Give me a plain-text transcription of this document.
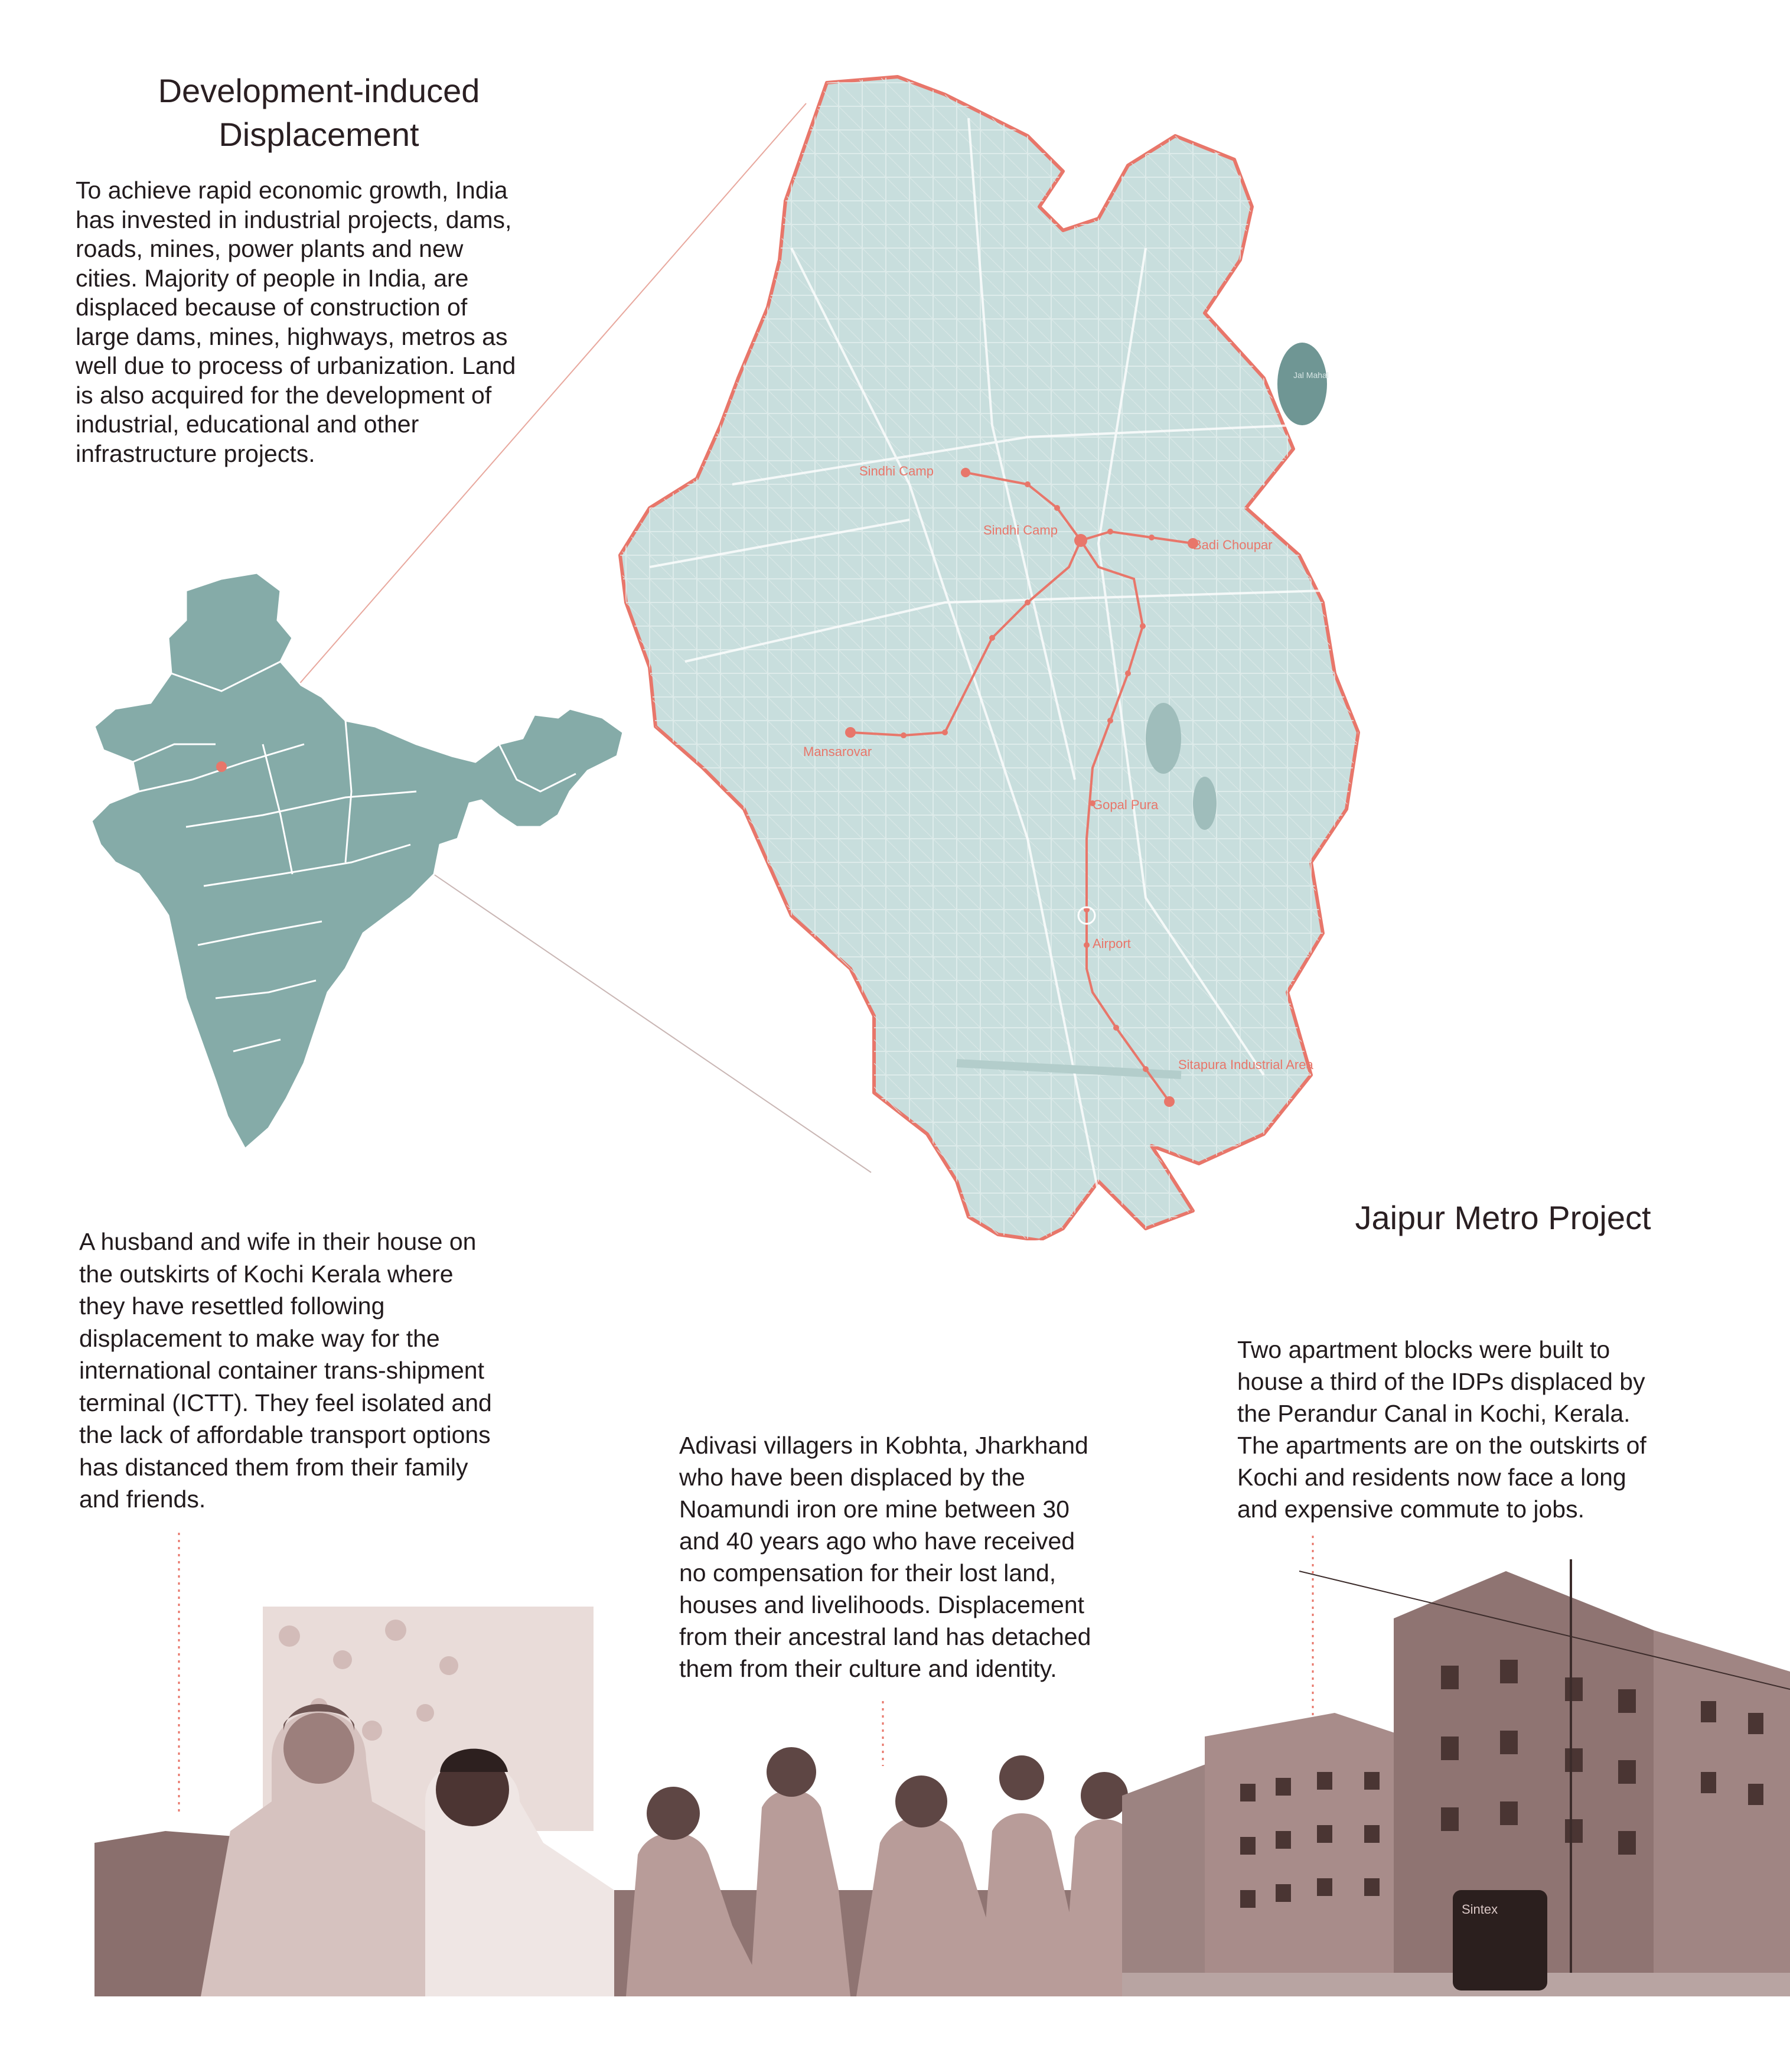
Development-induced
Displacement
To achieve rapid economic growth, India
has invested in industrial projects, dams,
roads, mines, power plants and new
cities. Majority of people in India, are
displaced because of construction of
large dams, mines, highways, metros as
well due to process of urbanization. Land
is also acquired for the development of
industrial, educational and other
infrastructure projects.
Jal Mahal
Sindhi Camp
Sindhi Camp
Badi Choupar
Mansarovar
Gopal Pura
Airport
Sitapura Industrial Area
Jaipur Metro Project
A husband and wife in their house on
the outskirts of Kochi Kerala where
they have resettled following
displacement to make way for the
international container trans-shipment
terminal (ICTT). They feel isolated and
the lack of affordable transport options
has distanced them from their family
and friends.
Adivasi villagers in Kobhta, Jharkhand
who have been displaced by the
Noamundi iron ore mine between 30
and 40 years ago who have received
no compensation for their lost land,
houses and livelihoods. Displacement
from their ancestral land has detached
them from their culture and identity.
Two apartment blocks were built to
house a third of the IDPs displaced by
the Perandur Canal in Kochi, Kerala.
The apartments are on the outskirts of
Kochi and residents now face a long
and expensive commute to jobs.
Sintex
